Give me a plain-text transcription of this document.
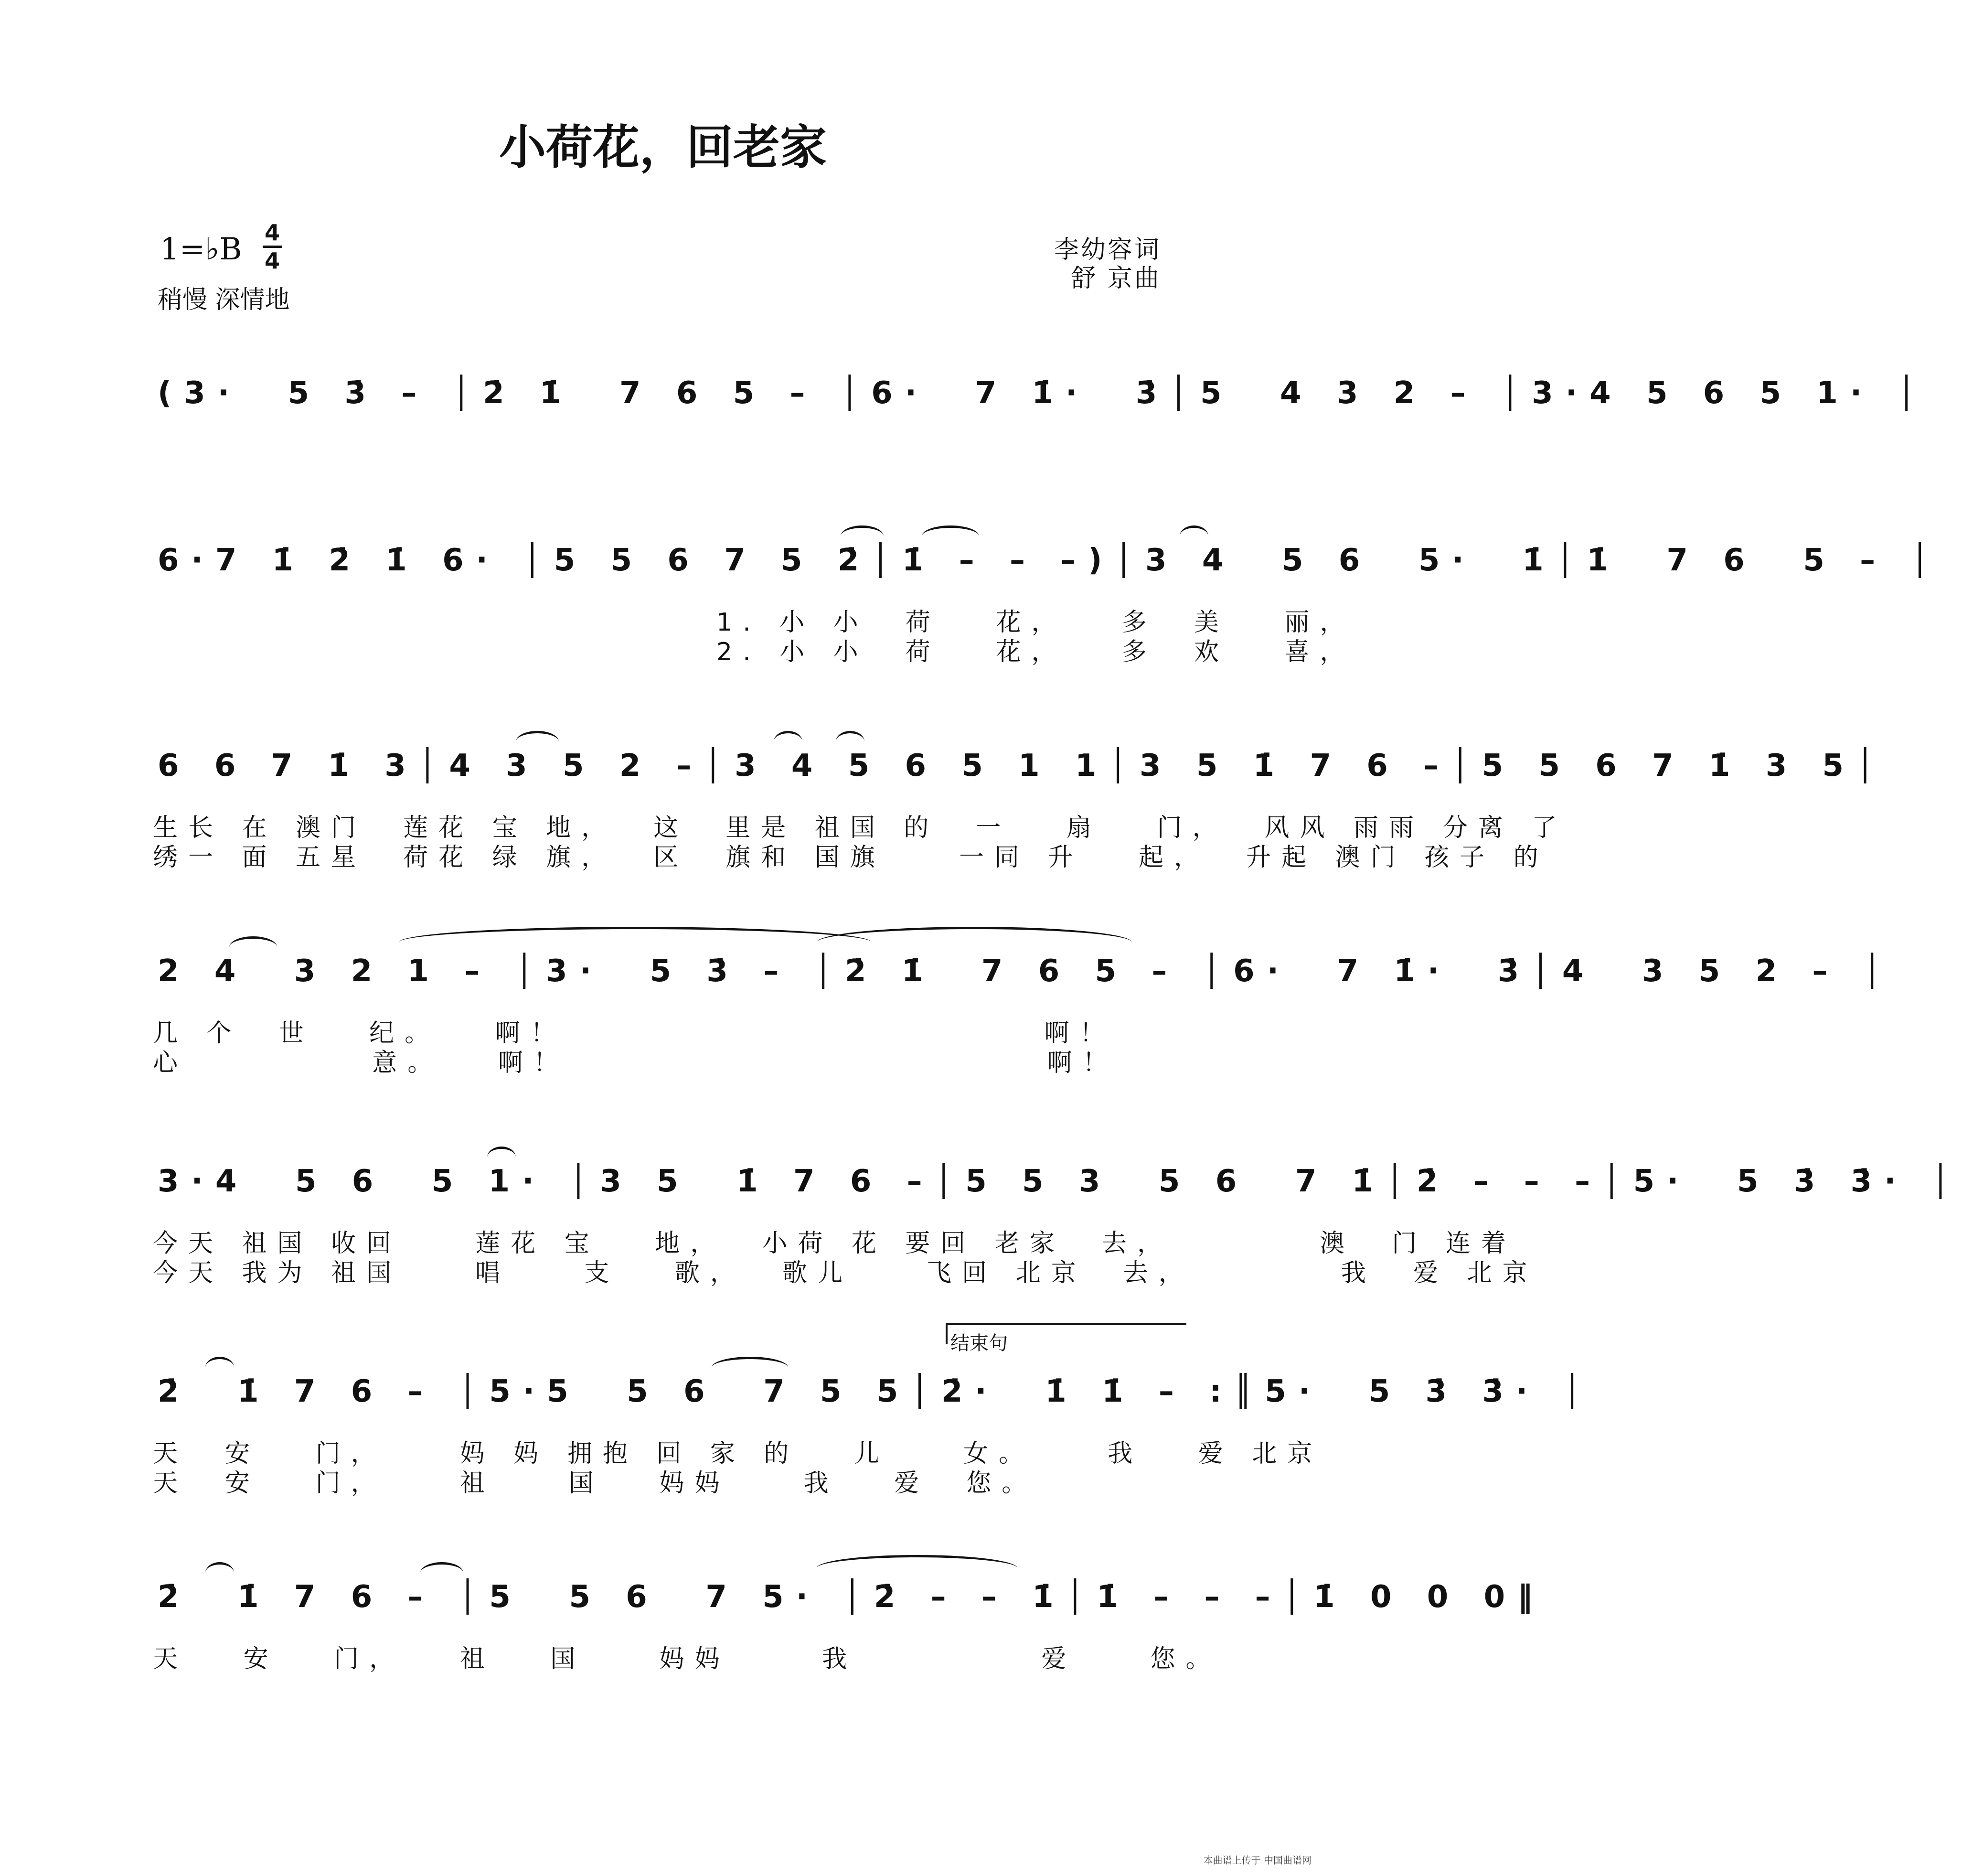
小荷花，回老家
1=♭B	4
4
稍慢 深情地
李幼容词
舒 京曲
(3·  5 3̇ – │2̇ 1̇  7 6 5 – │6·  7 1̇·  3̇│5  4 3 2 – │3·4 5 6 5 1· │
6·7 1̇ 2̇ 1̇ 6· │5 5 6 7 5 2̇│1̇ – – –)│3 4  5 6  5·  1̇│1̇  7 6  5 – │
1. 小 小  荷   花，   多  美   丽，
2. 小 小  荷   花，   多  欢   喜，
6 6 7 1̇ 3│4 3 5 2 –│3 4 5 6 5 1 1│3 5 1̇ 7 6 –│5 5 6 7 1̇ 3 5│
生长 在 澳门  莲花 宝 地，  这  里是 祖国 的  一   扇   门，  风风 雨雨 分离 了
绣一 面 五星  荷花 绿 旗，  区  旗和 国旗    一同 升   起，  升起 澳门 孩子 的
2 4  3 2 1 – │3·  5 3̇ – │2̇ 1̇  7 6 5 – │6·  7 1̇·  3̇│4  3 5 2 – │
几 个  世   纪。   啊！                          啊！
心          意。   啊！                          啊！
3·4  5 6  5 1· │3 5  1̇ 7 6 –│5 5 3  5 6  7 1̇│2̇ – – –│5·  5 3̇ 3̇· │
今天 祖国 收回    莲花 宝   地，  小荷 花 要回 老家  去，        澳  门 连着
今天 我为 祖国    唱    支   歌，  歌儿    飞回 北京  去，        我  爱 北京
结束句
2̇  1̇ 7 6 – │5·5  5 6  7 5 5│2̇·  1̇ 1̇ – :║5·  5 3̇ 3̇· │
天  安   门，    妈 妈 拥抱 回 家 的   儿    女。    我   爱 北京
天  安   门，    祖    国   妈妈    我   爱  您。
2̇  1̇ 7 6 – │5  5 6  7 5· │2̇ – – 1̇│1̇ – – –│1̇ 0 0 0‖
天   安   门，   祖   国    妈妈     我          爱    您。
本曲谱上传于 中国曲谱网
